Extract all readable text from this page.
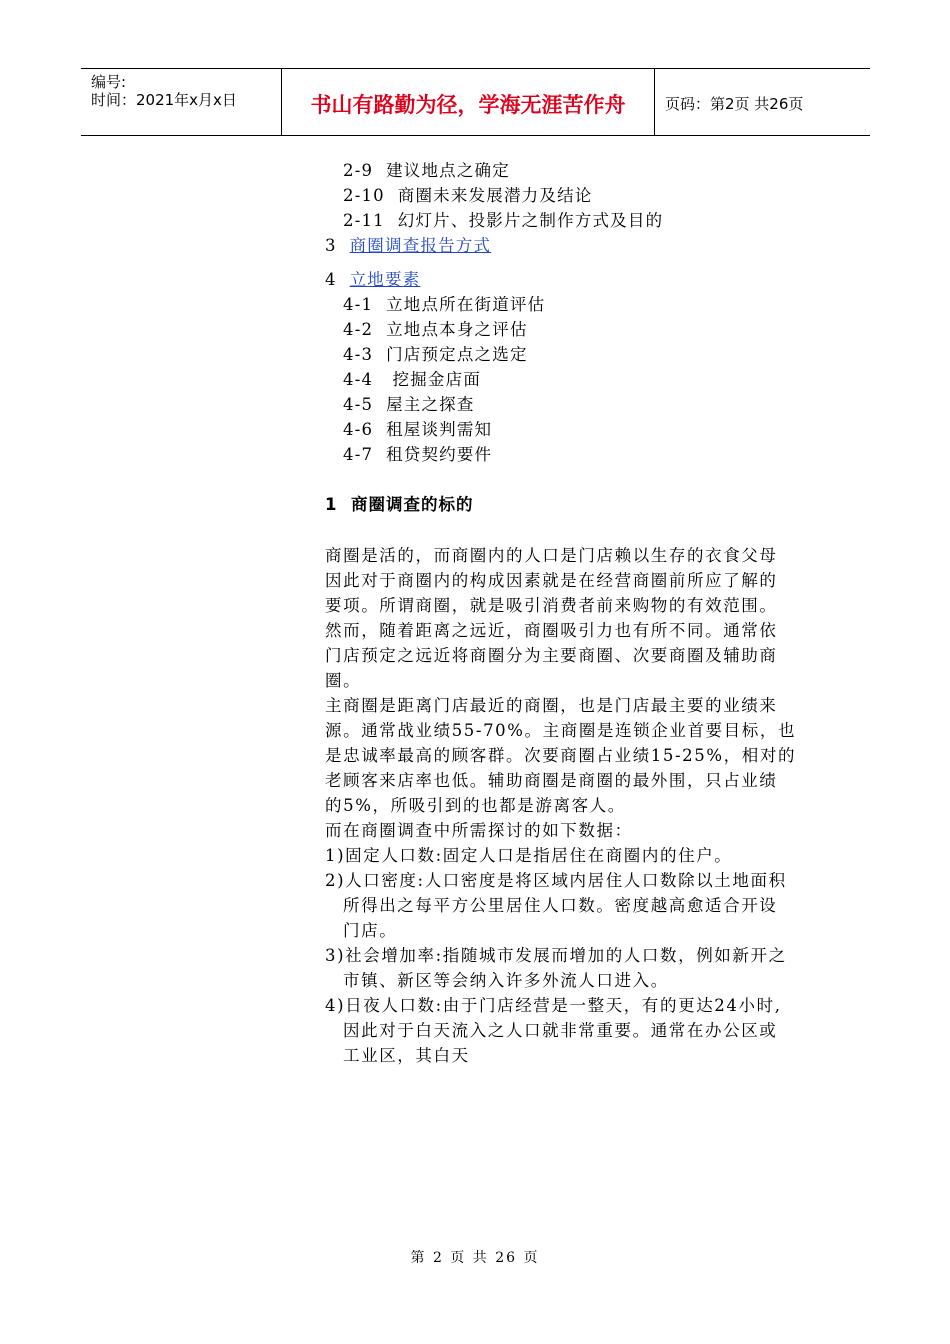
编号:
时间：2021年x月x日	书山有路勤为径，学海无涯苦作舟	页码：第2页 共26页
2-9 建议地点之确定
2-10 商圈未来发展潜力及结论
2-11 幻灯片、投影片之制作方式及目的
3 商圈调查报告方式
4 立地要素
4-1 立地点所在街道评估
4-2 立地点本身之评估
4-3 门店预定点之选定
4-4 挖掘金店面
4-5 屋主之探查
4-6 租屋谈判需知
4-7 租贷契约要件
1 商圈调查的标的
商圈是活的，而商圈内的人口是门店赖以生存的衣食父母
因此对于商圈内的构成因素就是在经营商圈前所应了解的
要项。所谓商圈，就是吸引消费者前来购物的有效范围。
然而，随着距离之远近，商圈吸引力也有所不同。通常依
门店预定之远近将商圈分为主要商圈、次要商圈及辅助商
圈。
主商圈是距离门店最近的商圈，也是门店最主要的业绩来
源。通常战业绩55-70%。主商圈是连锁企业首要目标，也
是忠诚率最高的顾客群。次要商圈占业绩15-25%，相对的
老顾客来店率也低。辅助商圈是商圈的最外围，只占业绩
的5%，所吸引到的也都是游离客人。
而在商圈调查中所需探讨的如下数据：
1)固定人口数:固定人口是指居住在商圈内的住户。
2)人口密度:人口密度是将区域内居住人口数除以土地面积
所得出之每平方公里居住人口数。密度越高愈适合开设
门店。
3)社会增加率:指随城市发展而增加的人口数，例如新开之
市镇、新区等会纳入许多外流人口进入。
4)日夜人口数:由于门店经营是一整天，有的更达24小时,
因此对于白天流入之人口就非常重要。通常在办公区或
工业区，其白天
第 2 页 共 26 页
